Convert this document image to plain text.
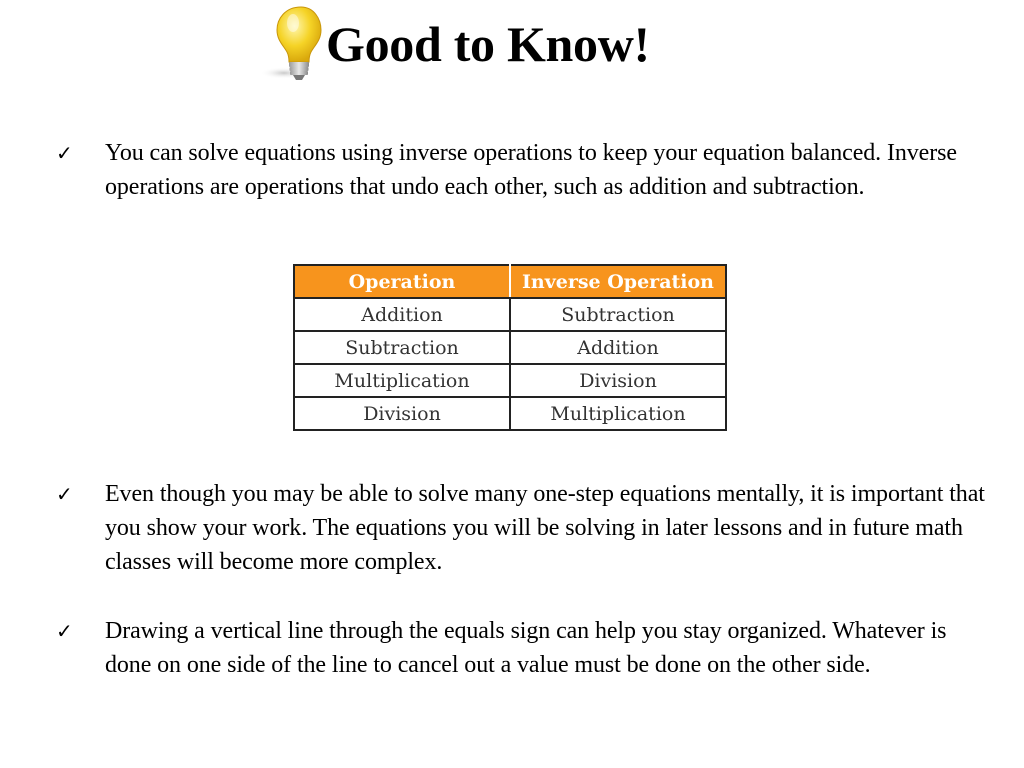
Good to Know!
✓ You can solve equations using inverse operations to keep your equation balanced. Inverse operations are operations that undo each other, such as addition and subtraction.
Operation	Inverse Operation
Addition	Subtraction
Subtraction	Addition
Multiplication	Division
Division	Multiplication
✓ Even though you may be able to solve many one-step equations mentally, it is important that you show your work. The equations you will be solving in later lessons and in future math classes will become more complex.
✓ Drawing a vertical line through the equals sign can help you stay organized. Whatever is done on one side of the line to cancel out a value must be done on the other side.
